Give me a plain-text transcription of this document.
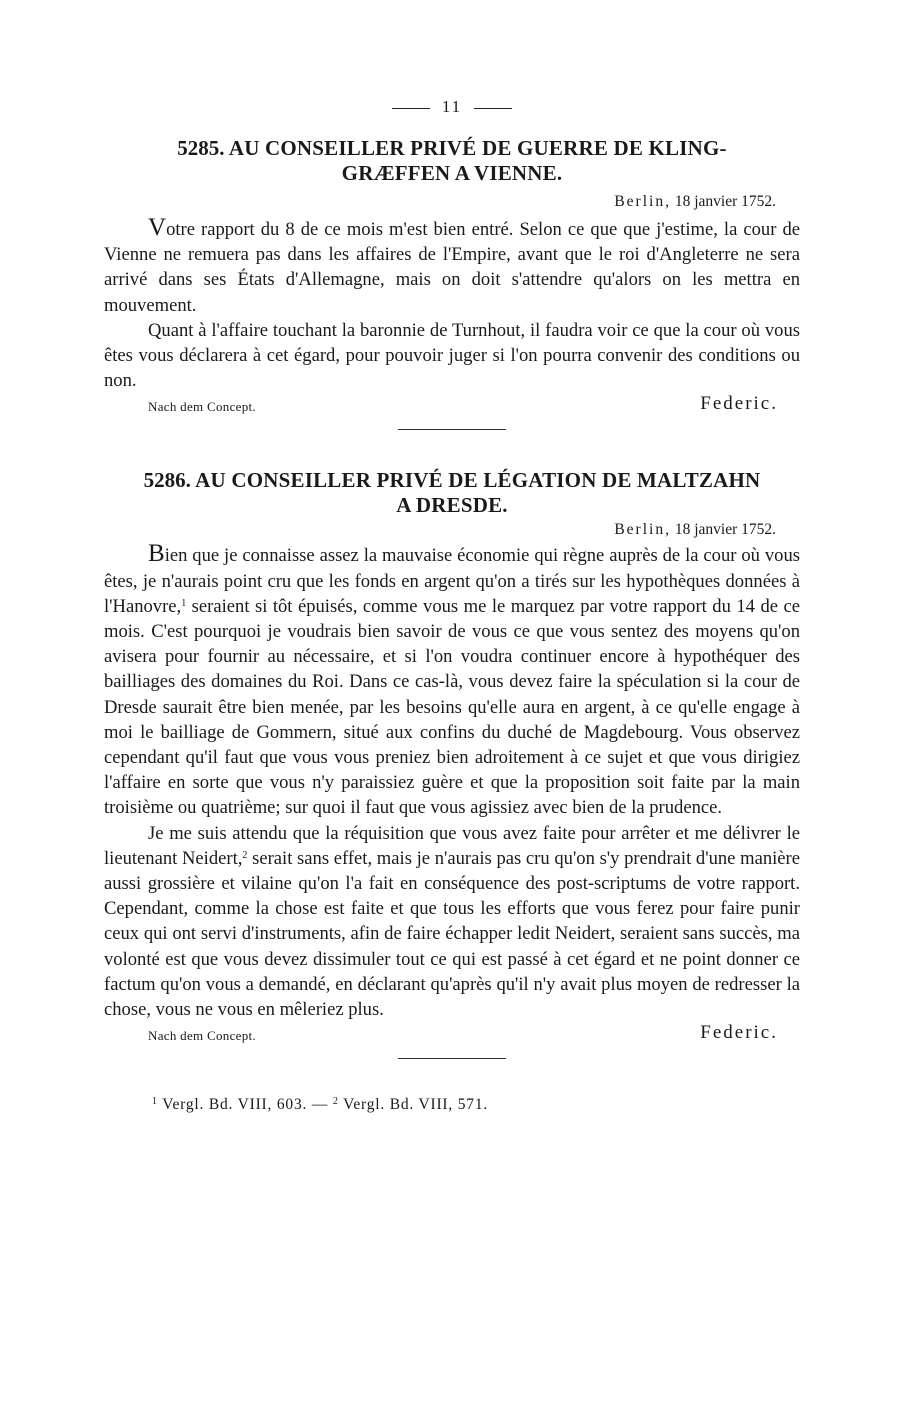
11
5285. AU CONSEILLER PRIVÉ DE GUERRE DE KLING-
GRÆFFEN A VIENNE.
Berlin, 18 janvier 1752.

Votre rapport du 8 de ce mois m'est bien entré. Selon ce que que j'estime, la cour de Vienne ne remuera pas dans les affaires de l'Empire, avant que le roi d'Angleterre ne sera arrivé dans ses États d'Allemagne, mais on doit s'attendre qu'alors on les mettra en mouvement.

Quant à l'affaire touchant la baronnie de Turnhout, il faudra voir ce que la cour où vous êtes vous déclarera à cet égard, pour pouvoir juger si l'on pourra convenir des conditions ou non.

Nach dem Concept.	Federic.
5286. AU CONSEILLER PRIVÉ DE LÉGATION DE MALTZAHN
A DRESDE.
Berlin, 18 janvier 1752.

Bien que je connaisse assez la mauvaise économie qui règne auprès de la cour où vous êtes, je n'aurais point cru que les fonds en argent qu'on a tirés sur les hypothèques données à l'Hanovre,$^1$ seraient si tôt épuisés, comme vous me le marquez par votre rapport du 14 de ce mois. C'est pourquoi je voudrais bien savoir de vous ce que vous sentez des moyens qu'on avisera pour fournir au nécessaire, et si l'on voudra continuer encore à hypothéquer des bailliages des domaines du Roi. Dans ce cas-là, vous devez faire la spéculation si la cour de Dresde saurait être bien menée, par les besoins qu'elle aura en argent, à ce qu'elle engage à moi le bailliage de Gommern, situé aux confins du duché de Magdebourg. Vous observez cependant qu'il faut que vous vous preniez bien adroitement à ce sujet et que vous dirigiez l'affaire en sorte que vous n'y paraissiez guère et que la proposition soit faite par la main troisième ou quatrième; sur quoi il faut que vous agissiez avec bien de la prudence.

Je me suis attendu que la réquisition que vous avez faite pour arrêter et me délivrer le lieutenant Neidert,$^2$ serait sans effet, mais je n'aurais pas cru qu'on s'y prendrait d'une manière aussi grossière et vilaine qu'on l'a fait en conséquence des post-scriptums de votre rapport. Cependant, comme la chose est faite et que tous les efforts que vous ferez pour faire punir ceux qui ont servi d'instruments, afin de faire échapper ledit Neidert, seraient sans succès, ma volonté est que vous devez dissimuler tout ce qui est passé à cet égard et ne point donner ce factum qu'on vous a demandé, en déclarant qu'après qu'il n'y avait plus moyen de redresser la chose, vous ne vous en mêleriez plus.

Nach dem Concept.	Federic.
$^1$ Vergl. Bd. VIII, 603. — $^2$ Vergl. Bd. VIII, 571.
